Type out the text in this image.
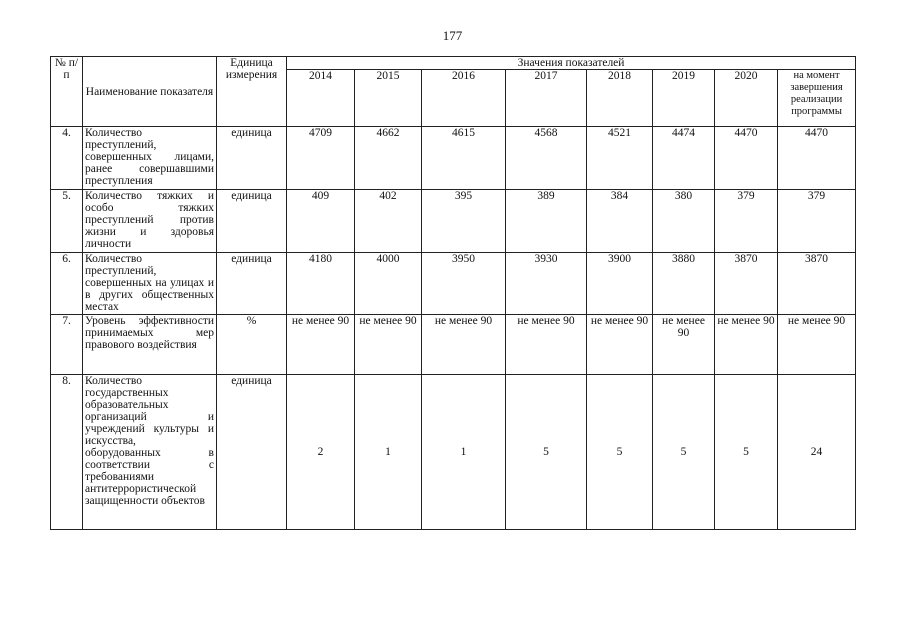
177
№ п/п	Наименование показателя	Единица измерения	Значения показателей							
			2014	2015	2016	2017	2018	2019	2020	на момент завершения реализации программы
4.	Количество преступлений, совершенных лицами, ранее совершавшими преступления	единица	4709	4662	4615	4568	4521	4474	4470	4470
5.	Количество тяжких и особо тяжких преступлений против жизни и здоровья личности	единица	409	402	395	389	384	380	379	379
6.	Количество преступлений, совершенных на улицах и в других общественных местах	единица	4180	4000	3950	3930	3900	3880	3870	3870
7.	Уровень эффективности принимаемых мер правового воздействия	%	не менее 90	не менее 90	не менее 90	не менее 90	не менее 90	не менее 90	не менее 90	не менее 90
8.	Количество государственных образовательных организаций и учреждений культуры и искусства, оборудованных в соответствии с требованиями антитеррористической защищенности объектов	единица	2	1	1	5	5	5	5	24
